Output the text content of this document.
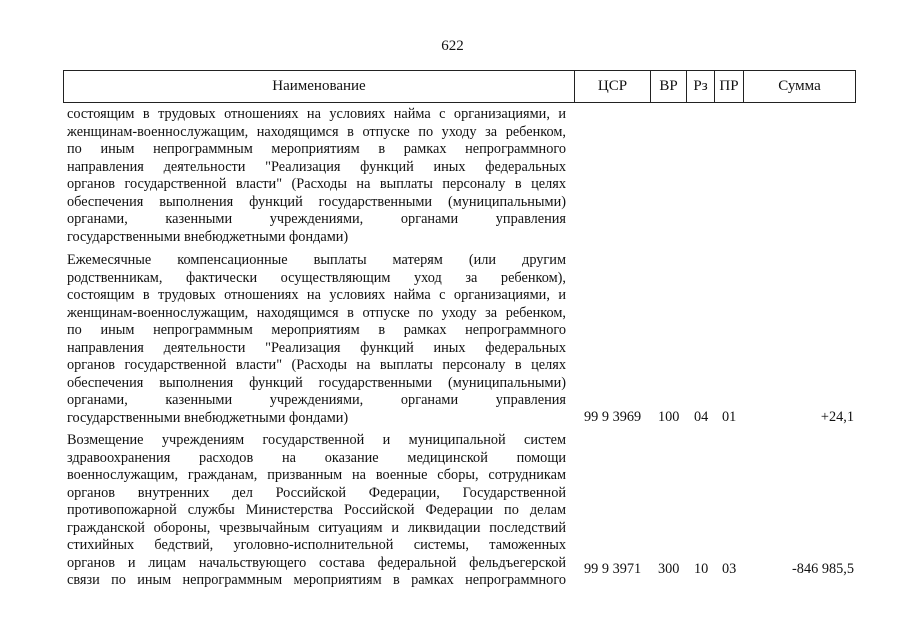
622
Наименование	ЦСР	ВР	Рз ПР	Сумма
состоящим в трудовых отношениях на условиях найма с организациями, и
женщинам-военнослужащим, находящимся в отпуске по уходу за ребенком,
по иным непрограммным мероприятиям в рамках непрограммного
направления деятельности "Реализация функций иных федеральных
органов государственной власти" (Расходы на выплаты персоналу в целях
обеспечения выполнения функций государственными (муниципальными)
органами, казенными учреждениями, органами управления
государственными внебюджетными фондами)
Ежемесячные компенсационные выплаты матерям (или другим
родственникам, фактически осуществляющим уход за ребенком),
состоящим в трудовых отношениях на условиях найма с организациями, и
женщинам-военнослужащим, находящимся в отпуске по уходу за ребенком,
по иным непрограммным мероприятиям в рамках непрограммного
направления деятельности "Реализация функций иных федеральных
органов государственной власти" (Расходы на выплаты персоналу в целях
обеспечения выполнения функций государственными (муниципальными)
органами, казенными учреждениями, органами управления
государственными внебюджетными фондами)	99 9 3969 100 04 01	+24,1
Возмещение учреждениям государственной и муниципальной систем
здравоохранения расходов на оказание медицинской помощи
военнослужащим, гражданам, призванным на военные сборы, сотрудникам
органов внутренних дел Российской Федерации, Государственной
противопожарной службы Министерства Российской Федерации по делам
гражданской обороны, чрезвычайным ситуациям и ликвидации последствий
стихийных бедствий, уголовно-исполнительной системы, таможенных
органов и лицам начальствующего состава федеральной фельдъегерской
связи по иным непрограммным мероприятиям в рамках непрограммного
99 9 3971 300 10 03	-846 985,5
